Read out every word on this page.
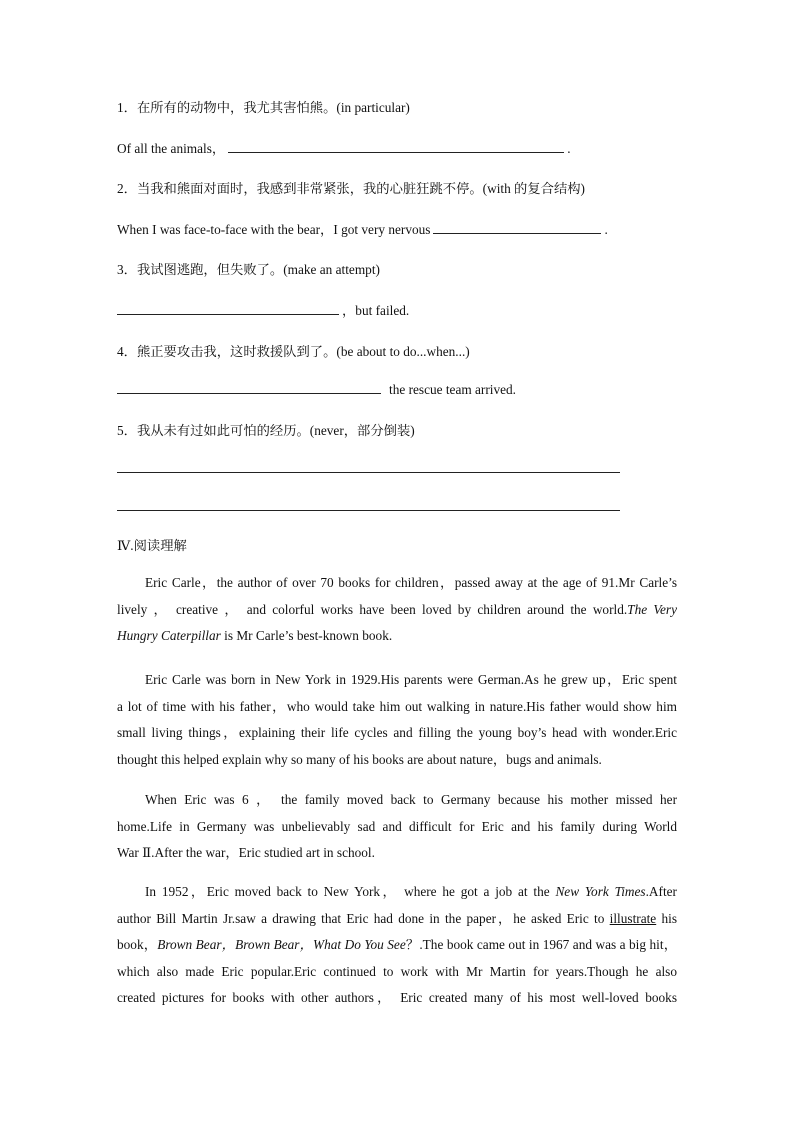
1．在所有的动物中，我尤其害怕熊。(in particular)
Of all the animals，	.
2．当我和熊面对面时，我感到非常紧张，我的心脏狂跳不停。(with 的复合结构)
When I was face-to-face with the bear，I got very nervous	.
3．我试图逃跑，但失败了。(make an attempt)
，but failed.
4．熊正要攻击我，这时救援队到了。(be about to do...when...)
the rescue team arrived.
5．我从未有过如此可怕的经历。(never，部分倒装)
Ⅳ.阅读理解
Eric Carle，the author of over 70 books for children，passed away at the age of 91.Mr Carle’s
lively ， creative ， and colorful works have been loved by children around the world.The Very
Hungry Caterpillar is Mr Carle’s best-known book.
Eric Carle was born in New York in 1929.His parents were German.As he grew up，Eric spent
a lot of time with his father，who would take him out walking in nature.His father would show him
small living things，explaining their life cycles and filling the young boy’s head with wonder.Eric
thought this helped explain why so many of his books are about nature，bugs and animals.
When Eric was 6 ， the family moved back to Germany because his mother missed her
home.Life in Germany was unbelievably sad and difficult for Eric and his family during World
War Ⅱ.After the war，Eric studied art in school.
In 1952，Eric moved back to New York， where he got a job at the New York Times.After
author Bill Martin Jr.saw a drawing that Eric had done in the paper，he asked Eric to illustrate his
book，Brown Bear，Brown Bear，What Do You See？.The book came out in 1967 and was a big hit，
which also made Eric popular.Eric continued to work with Mr Martin for years.Though he also
created pictures for books with other authors， Eric created many of his most well-loved books
